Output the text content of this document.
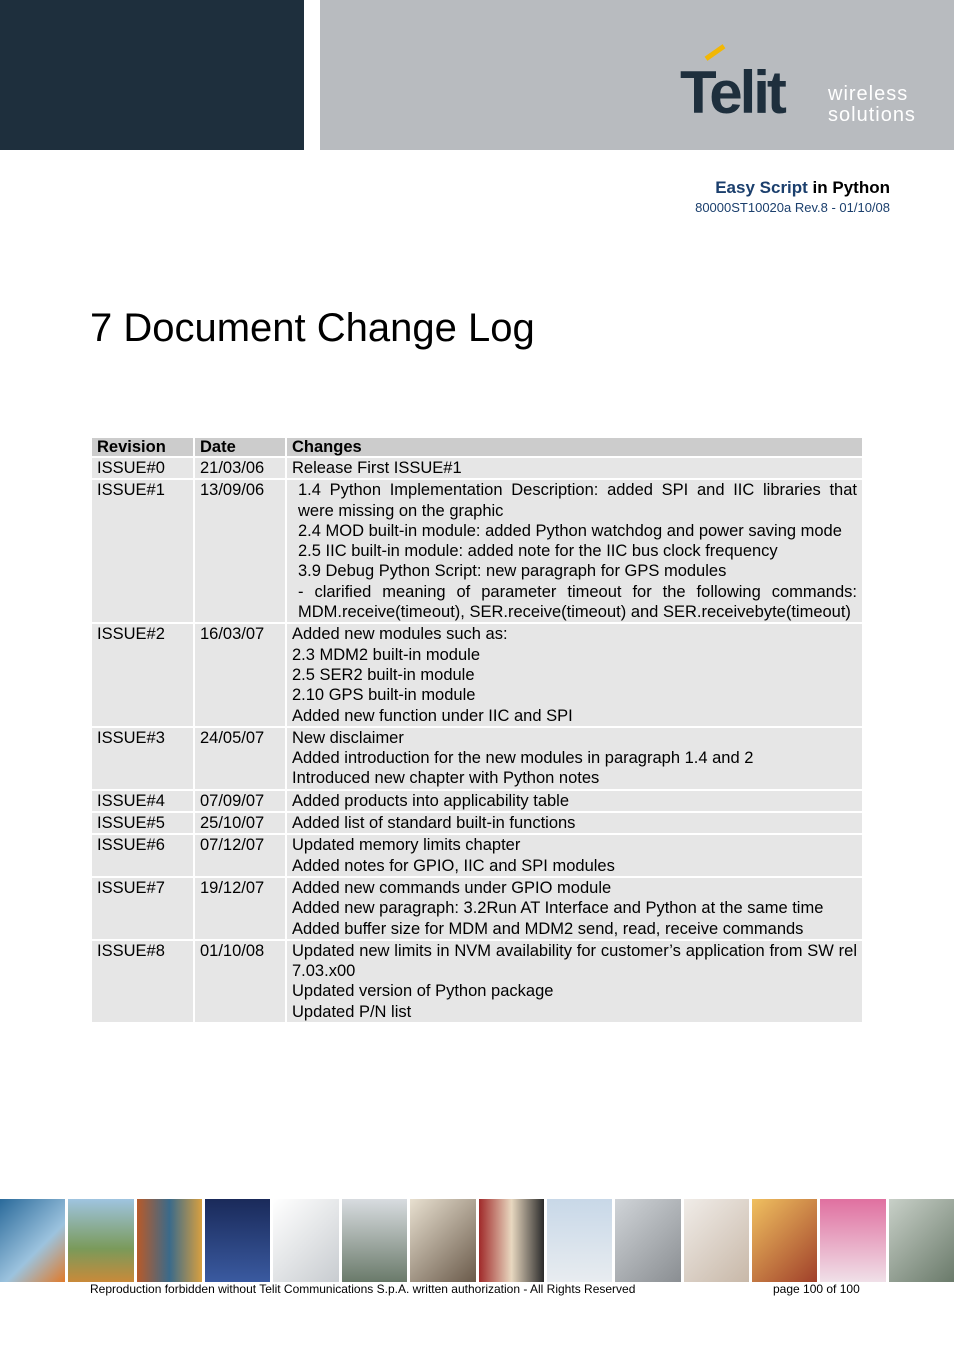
Telit wireless
solutions
Easy Script in Python
80000ST10020a Rev.8 - 01/10/08
7 Document Change Log
Revision	Date	Changes
ISSUE#0	21/03/06	Release First ISSUE#1

ISSUE#1	13/09/06	1.4 Python Implementation Description: added SPI and IIC libraries that were missing on the graphic
2.4 MOD built-in module: added Python watchdog and power saving mode
2.5 IIC built-in module: added note for the IIC bus clock frequency
3.9 Debug Python Script: new paragraph for GPS modules
- clarified meaning of parameter timeout for the following commands: MDM.receive(timeout), SER.receive(timeout) and SER.receivebyte(timeout)

ISSUE#2	16/03/07	Added new modules such as:
2.3 MDM2 built-in module
2.5 SER2 built-in module
2.10 GPS built-in module
Added new function under IIC and SPI

ISSUE#3	24/05/07	New disclaimer
Added introduction for the new modules in paragraph 1.4 and 2
Introduced new chapter with Python notes

ISSUE#4	07/09/07	Added products into applicability table

ISSUE#5	25/10/07	Added list of standard built-in functions

ISSUE#6	07/12/07	Updated memory limits chapter
Added notes for GPIO, IIC and SPI modules

ISSUE#7	19/12/07	Added new commands under GPIO module
Added new paragraph: 3.2Run AT Interface and Python at the same time
Added buffer size for MDM and MDM2 send, read, receive commands

ISSUE#8	01/10/08	Updated new limits in NVM availability for customer’s application from SW rel 7.03.x00
Updated version of Python package
Updated P/N list
Reproduction forbidden without Telit Communications S.p.A. written authorization - All Rights Reserved	page 100 of 100
